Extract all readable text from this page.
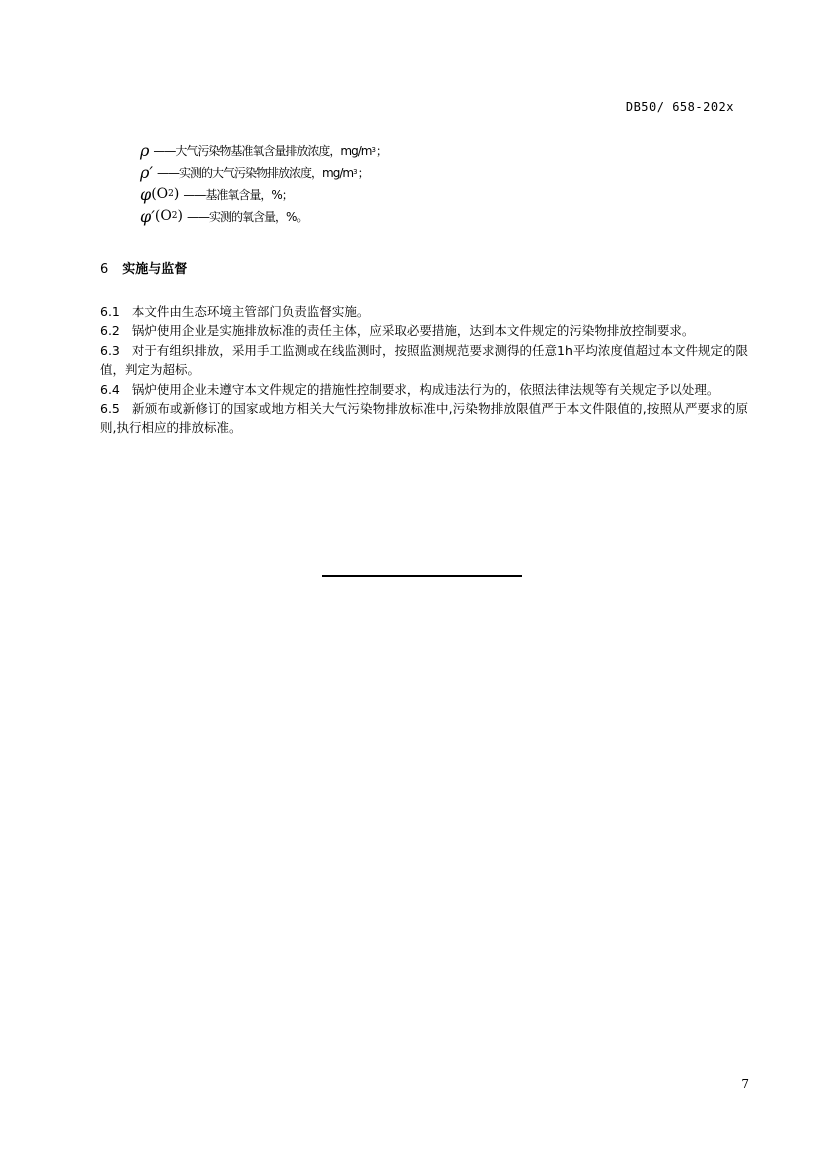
DB50/ 658-202x
ρ ——大气污染物基准氧含量排放浓度，mg/m 3 ；
ρ′ ——实测的大气污染物排放浓度，mg/m 3 ；
φ ( O 2 ) ——基准氧含量，%；
φ′ ( O 2 ) ——实测的氧含量，%。
6 实施与监督

6.1 本文件由生态环境主管部门负责监督实施。

6.2 锅炉使用企业是实施排放标准的责任主体，应采取必要措施，达到本文件规定的污染物排放控制要求。

6.3 对于有组织排放，采用手工监测或在线监测时，按照监测规范要求测得的任意1h平均浓度值超过本文件规定的限值，判定为超标。

6.4 锅炉使用企业未遵守本文件规定的措施性控制要求，构成违法行为的，依照法律法规等有关规定予以处理。

6.5 新颁布或新修订的国家或地方相关大气污染物排放标准中,污染物排放限值严于本文件限值的,按照从严要求的原则,执行相应的排放标准。

7
